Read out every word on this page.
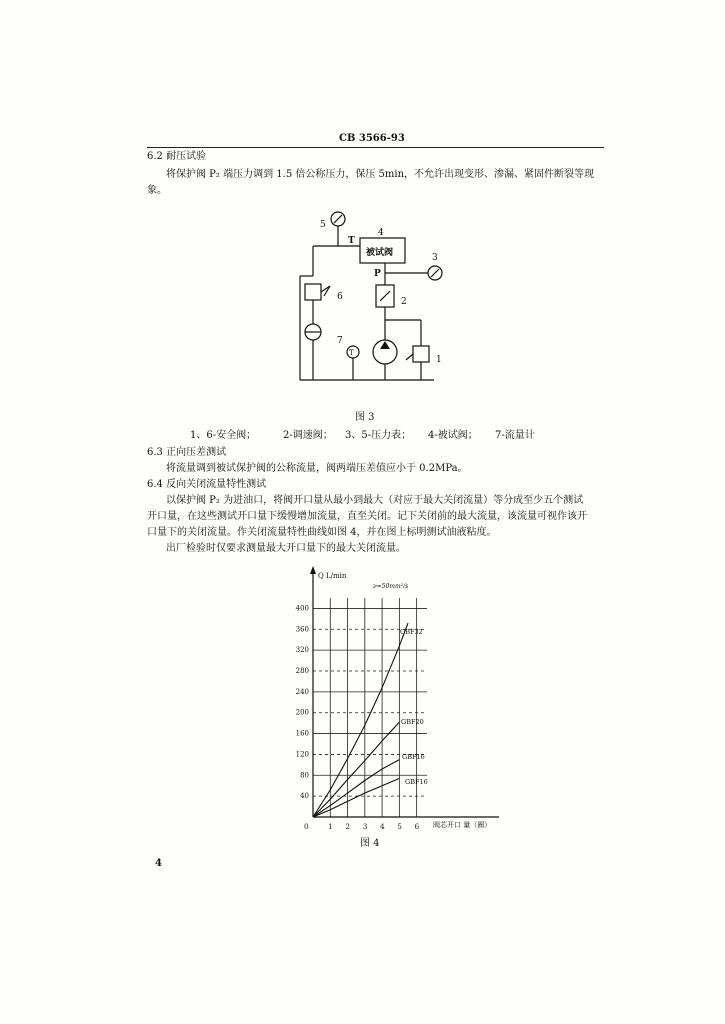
CB 3566-93
6.2 耐压试验
将保护阀 P₂ 端压力调到 1.5 倍公称压力，保压 5min，不允许出现变形、渗漏、紧固件断裂等现
象。
5
4
T
被试阀	3
P
2
6
7
1
T
图 3
1、6-安全阀；	2-调速阀； 3、5-压力表； 4-被试阀； 7-流量计
6.3 正向压差测试
将流量调到被试保护阀的公称流量，阀两端压差值应小于 0.2MPa。
6.4 反向关闭流量特性测试
以保护阀 P₂ 为进油口，将阀开口量从最小到最大（对应于最大关闭流量）等分成至少五个测试
开口量，在这些测试开口量下缓慢增加流量，直至关闭。记下关闭前的最大流量，该流量可视作该开
口量下的关闭流量。作关闭流量特性曲线如图 4，并在图上标明测试油液粘度。
出厂检验时仅要求测量最大开口量下的最大关闭流量。
0	1 2 3 4 5 6
40
80
120
160
200
240
280
320
360
400
Q L/min
ν=50mm²/s
阀芯开口 量（圈）
GBF32
GBF20
GBF16
GBF16
图 4
4
